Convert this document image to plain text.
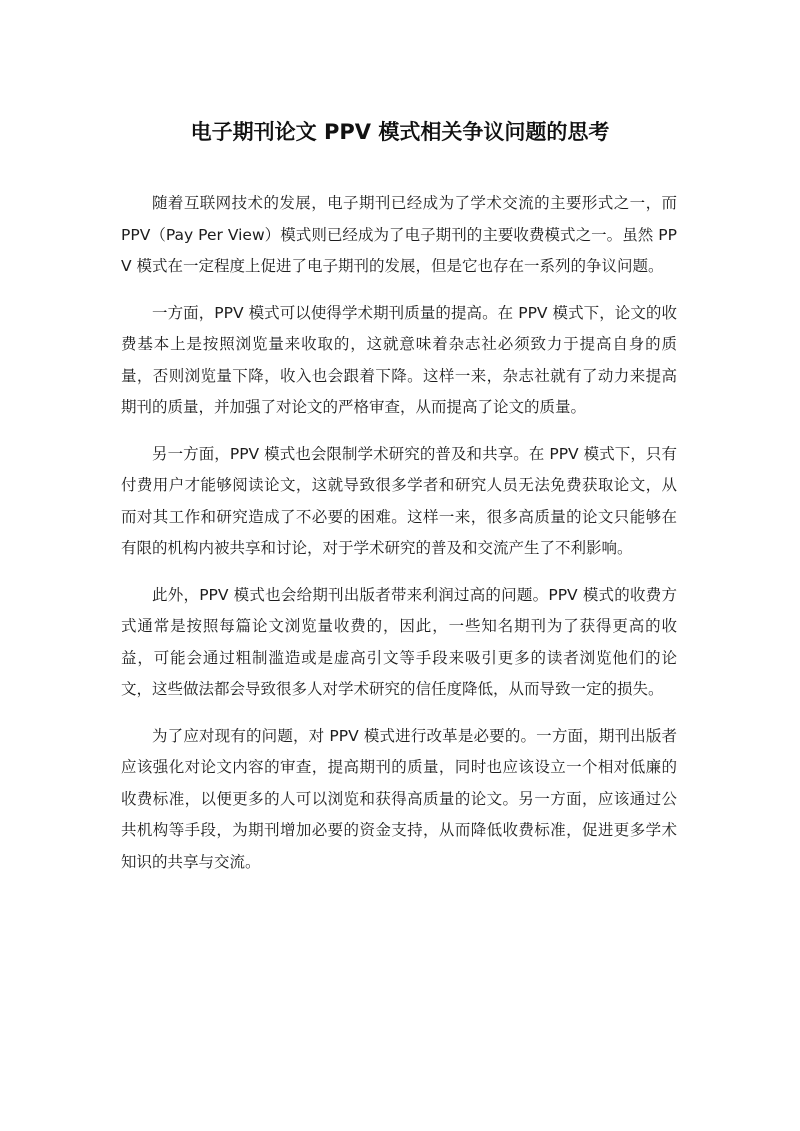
电子期刊论文 PPV 模式相关争议问题的思考

随着互联网技术的发展，电子期刊已经成为了学术交流的主要形式之一，而 PPV（Pay Per View）模式则已经成为了电子期刊的主要收费模式之一。虽然 PPV 模式在一定程度上促进了电子期刊的发展，但是它也存在一系列的争议问题。

一方面，PPV 模式可以使得学术期刊质量的提高。在 PPV 模式下，论文的收费基本上是按照浏览量来收取的，这就意味着杂志社必须致力于提高自身的质量，否则浏览量下降，收入也会跟着下降。这样一来，杂志社就有了动力来提高期刊的质量，并加强了对论文的严格审查，从而提高了论文的质量。

另一方面，PPV 模式也会限制学术研究的普及和共享。在 PPV 模式下，只有付费用户才能够阅读论文，这就导致很多学者和研究人员无法免费获取论文，从而对其工作和研究造成了不必要的困难。这样一来，很多高质量的论文只能够在有限的机构内被共享和讨论，对于学术研究的普及和交流产生了不利影响。

此外，PPV 模式也会给期刊出版者带来利润过高的问题。PPV 模式的收费方式通常是按照每篇论文浏览量收费的，因此，一些知名期刊为了获得更高的收益，可能会通过粗制滥造或是虚高引文等手段来吸引更多的读者浏览他们的论文，这些做法都会导致很多人对学术研究的信任度降低，从而导致一定的损失。

为了应对现有的问题，对 PPV 模式进行改革是必要的。一方面，期刊出版者应该强化对论文内容的审查，提高期刊的质量，同时也应该设立一个相对低廉的收费标准，以便更多的人可以浏览和获得高质量的论文。另一方面，应该通过公共机构等手段，为期刊增加必要的资金支持，从而降低收费标准，促进更多学术知识的共享与交流。
